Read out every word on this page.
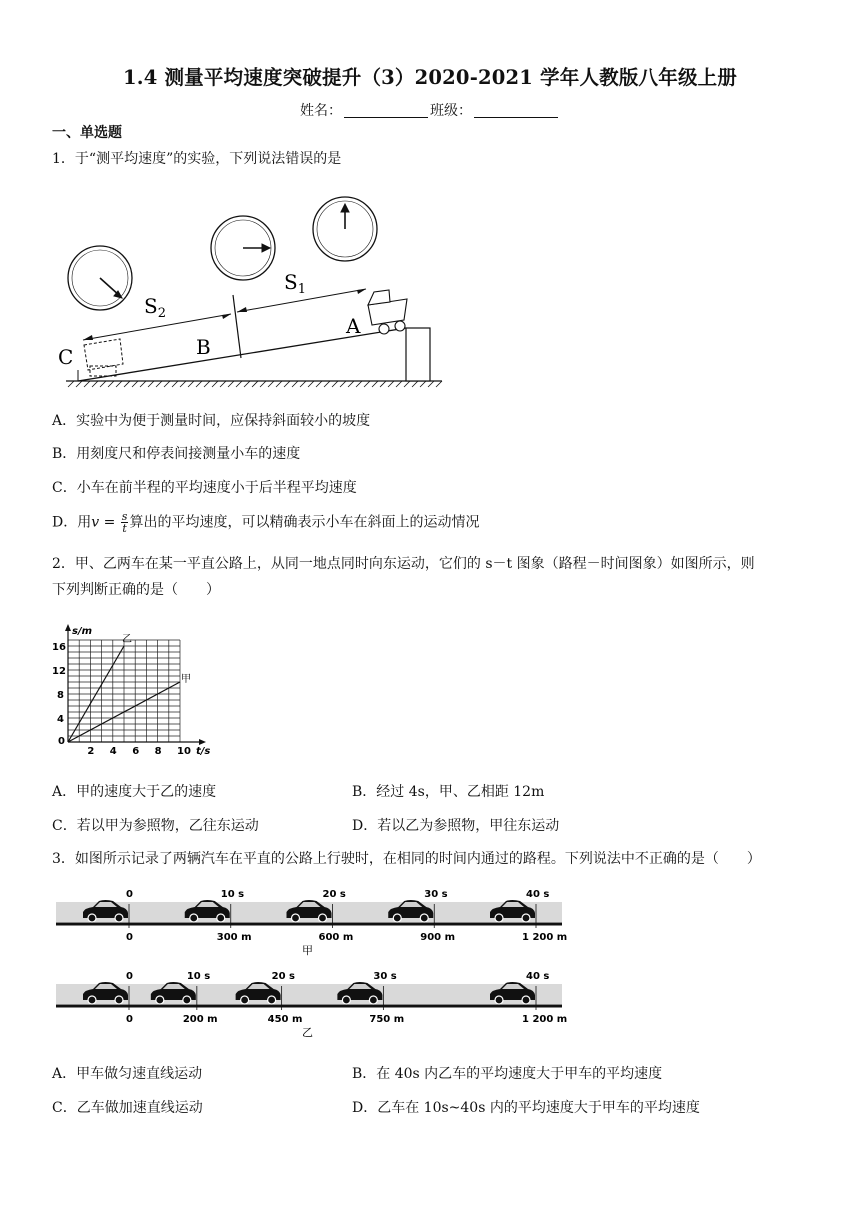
1.4 测量平均速度突破提升（3）2020-2021 学年人教版八年级上册
姓名：	班级：
一、单选题
1．于“测平均速度”的实验，下列说法错误的是
C	B
A
$S_2$
$S_1$
A．实验中为便于测量时间，应保持斜面较小的坡度
B．用刻度尺和停表间接测量小车的速度
C．小车在前半程的平均速度小于后半程平均速度
D．用$v = \frac{s}{t}$ 算出的平均速度，可以精确表示小车在斜面上的运动情况
2．甲、乙两车在某一平直公路上，从同一地点同时向东运动，它们的 s－t 图象（路程－时间图象）如图所示，则
下列判断正确的是（　　）
乙
甲
2 4 6 8 10
4
8
12
16
0
t/s
s/m
A．甲的速度大于乙的速度	B．经过 4s，甲、乙相距 12m
C．若以甲为参照物，乙往东运动	D．若以乙为参照物，甲往东运动
3．如图所示记录了两辆汽车在平直的公路上行驶时，在相同的时间内通过的路程。下列说法中不正确的是（　　）
0
0
10 s
300 m
20 s
600 m
30 s
900 m
40 s
1 200 m
甲
0
0
10 s
200 m
20 s
450 m
30 s
750 m
40 s
1 200 m
乙
A．甲车做匀速直线运动	B．在 40s 内乙车的平均速度大于甲车的平均速度
C．乙车做加速直线运动	D．乙车在 10s~40s 内的平均速度大于甲车的平均速度
